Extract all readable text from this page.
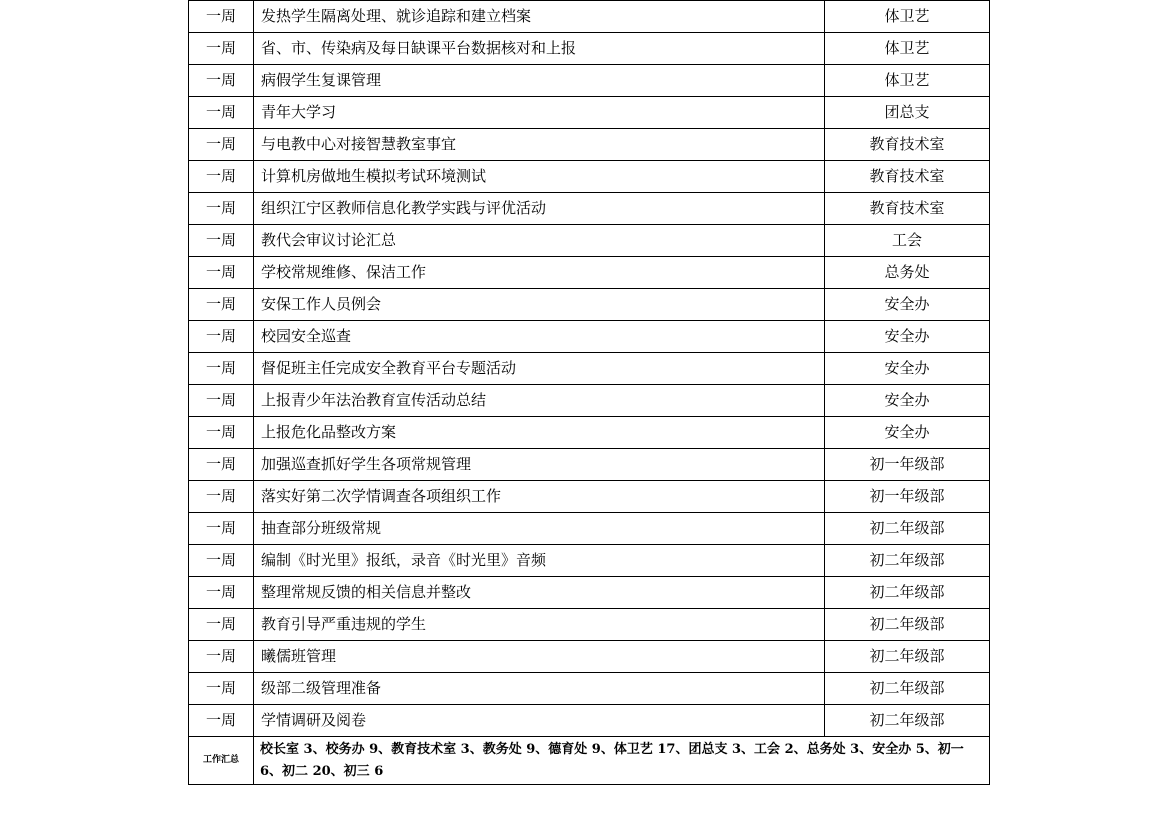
一周	发热学生隔离处理、就诊追踪和建立档案	体卫艺
一周	省、市、传染病及每日缺课平台数据核对和上报	体卫艺
一周	病假学生复课管理	体卫艺
一周	青年大学习	团总支
一周	与电教中心对接智慧教室事宜	教育技术室
一周	计算机房做地生模拟考试环境测试	教育技术室
一周	组织江宁区教师信息化教学实践与评优活动	教育技术室
一周	教代会审议讨论汇总	工会
一周	学校常规维修、保洁工作	总务处
一周	安保工作人员例会	安全办
一周	校园安全巡查	安全办
一周	督促班主任完成安全教育平台专题活动	安全办
一周	上报青少年法治教育宣传活动总结	安全办
一周	上报危化品整改方案	安全办
一周	加强巡查抓好学生各项常规管理	初一年级部
一周	落实好第二次学情调查各项组织工作	初一年级部
一周	抽查部分班级常规	初二年级部
一周	编制《时光里》报纸，录音《时光里》音频	初二年级部
一周	整理常规反馈的相关信息并整改	初二年级部
一周	教育引导严重违规的学生	初二年级部
一周	曦儒班管理	初二年级部
一周	级部二级管理准备	初二年级部
一周	学情调研及阅卷	初二年级部
工作汇总	校长室 3、校务办 9、教育技术室 3、教务处 9、德育处 9、体卫艺 17、团总支 3、工会 2、总务处 3、安全办 5、初一6、初二 20、初三 6	
